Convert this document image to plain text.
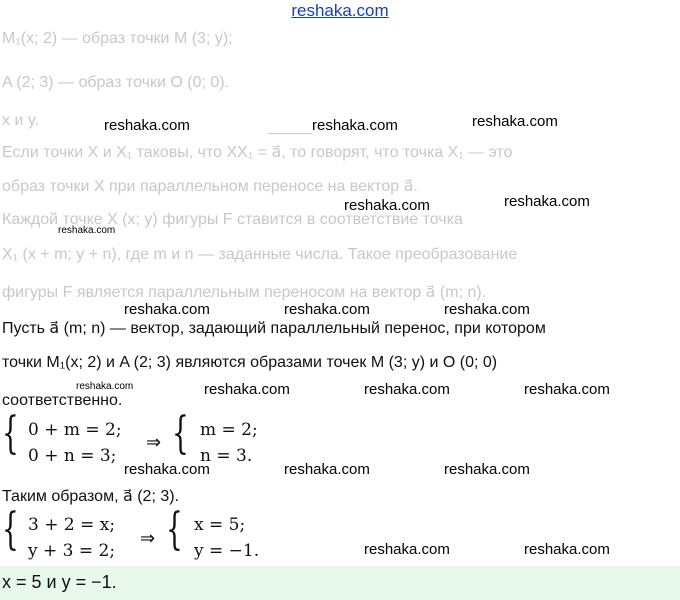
reshaka.com
M₁(x; 2) — образ точки M (3; y);
A (2; 3) — образ точки O (0; 0).
x и y.
Если точки X и X₁ таковы, что XX₁ = a⃗, то говорят, что точка X₁ — это
образ точки X при параллельном переносе на вектор a⃗.
Каждой точке X (x; y) фигуры F ставится в соответствие точка
X₁ (x + m; y + n), где m и n — заданные числа. Такое преобразование
фигуры F является параллельным переносом на вектор a⃗ (m; n).
Пусть a⃗ (m; n) — вектор, задающий параллельный перенос, при котором
точки M₁(x; 2) и A (2; 3) являются образами точек M (3; y) и O (0; 0)
соответственно.
{ 0 + m = 2;
0 + n = 3;
⇒ { m = 2;
n = 3.
Таким образом, a⃗ (2; 3).
{ 3 + 2 = x;
y + 3 = 2;
⇒ { x = 5;
y = −1.
x = 5 и y = −1.
reshaka.com	reshaka.com	reshaka.com
reshaka.com	reshaka.com
reshaka.com
reshaka.com	reshaka.com	reshaka.com
reshaka.com	reshaka.com	reshaka.com	reshaka.com
reshaka.com	reshaka.com	reshaka.com
reshaka.com	reshaka.com
